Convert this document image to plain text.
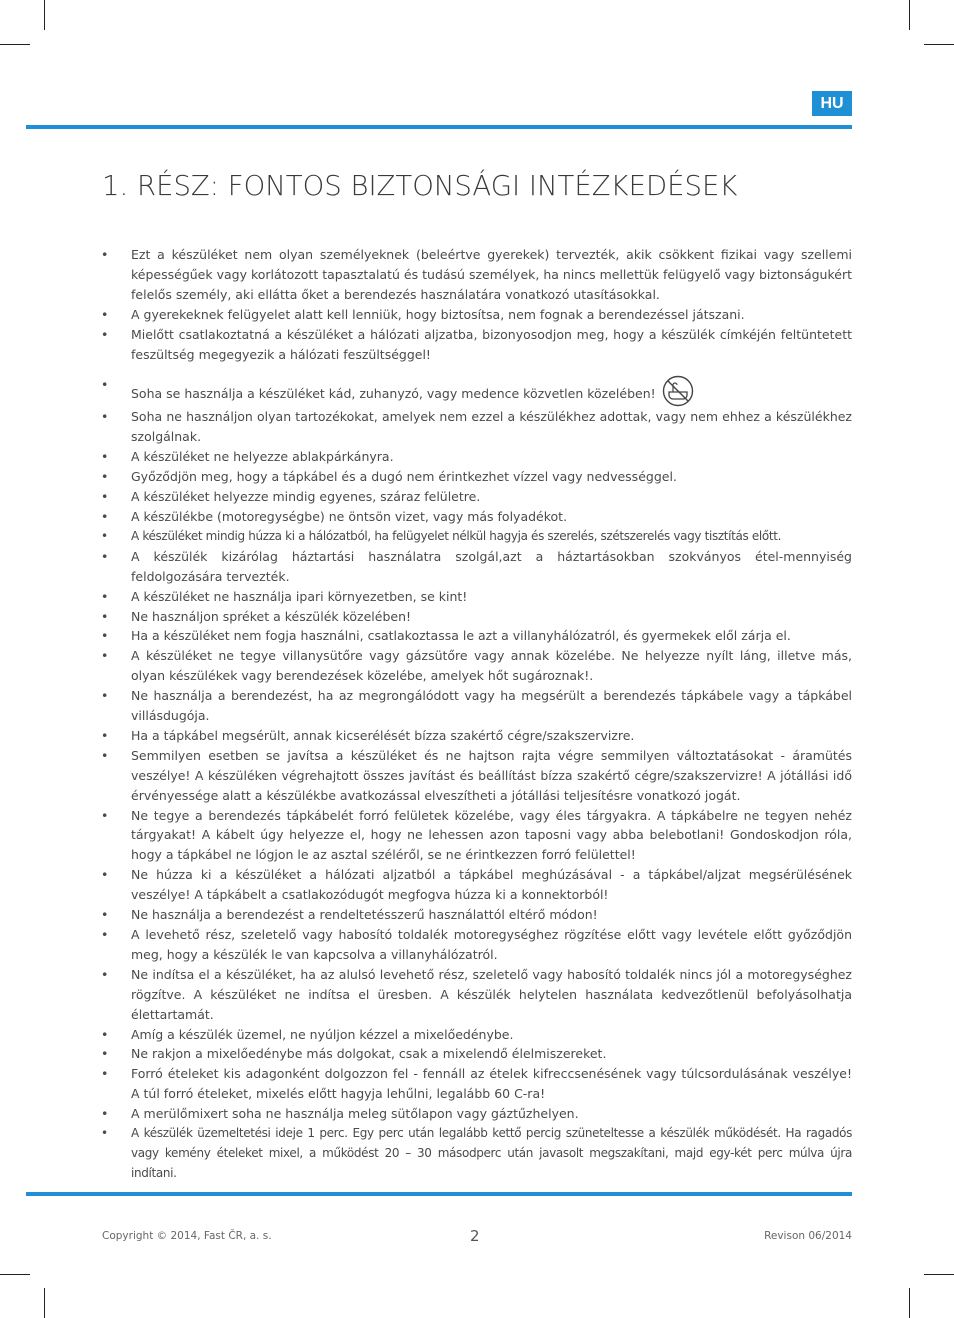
HU
1. RÉSZ: FONTOS BIZTONSÁGI INTÉZKEDÉSEK
• Ezt a készüléket nem olyan személyeknek (beleértve gyerekek) tervezték, akik csökkent fizikai vagy szellemi képességűek vagy korlátozott tapasztalatú és tudású személyek, ha nincs mellettük felügyelő vagy biztonságukért felelős személy, aki ellátta őket a berendezés használatára vonatkozó utasításokkal.
• A gyerekeknek felügyelet alatt kell lenniük, hogy biztosítsa, nem fognak a berendezéssel játszani.
• Mielőtt csatlakoztatná a készüléket a hálózati aljzatba, bizonyosodjon meg, hogy a készülék címkéjén feltüntetett feszültség megegyezik a hálózati feszültséggel!
•
Soha se használja a készüléket kád, zuhanyzó, vagy medence közvetlen közelében!
• Soha ne használjon olyan tartozékokat, amelyek nem ezzel a készülékhez adottak, vagy nem ehhez a készülékhez szolgálnak.
• A készüléket ne helyezze ablakpárkányra.
• Győződjön meg, hogy a tápkábel és a dugó nem érintkezhet vízzel vagy nedvességgel.
• A készüléket helyezze mindig egyenes, száraz felületre.
• A készülékbe (motoregységbe) ne öntsön vizet, vagy más folyadékot.
• A készüléket mindig húzza ki a hálózatból, ha felügyelet nélkül hagyja és szerelés, szétszerelés vagy tisztítás előtt.
• A készülék kizárólag háztartási használatra szolgál,azt a háztartásokban szokványos étel-mennyiség feldolgozására tervezték.
• A készüléket ne használja ipari környezetben, se kint!
• Ne használjon spréket a készülék közelében!
• Ha a készüléket nem fogja használni, csatlakoztassa le azt a villanyhálózatról, és gyermekek elől zárja el.
• A készüléket ne tegye villanysütőre vagy gázsütőre vagy annak közelébe. Ne helyezze nyílt láng, illetve más, olyan készülékek vagy berendezések közelébe, amelyek hőt sugároznak!.
• Ne használja a berendezést, ha az megrongálódott vagy ha megsérült a berendezés tápkábele vagy a tápkábel villásdugója.
• Ha a tápkábel megsérült, annak kicserélését bízza szakértő cégre/szakszervizre.
• Semmilyen esetben se javítsa a készüléket és ne hajtson rajta végre semmilyen változtatásokat - áramütés veszélye! A készüléken végrehajtott összes javítást és beállítást bízza szakértő cégre/szakszervizre! A jótállási idő érvényessége alatt a készülékbe avatkozással elveszítheti a jótállási teljesítésre vonatkozó jogát.
• Ne tegye a berendezés tápkábelét forró felületek közelébe, vagy éles tárgyakra. A tápkábelre ne tegyen nehéz tárgyakat! A kábelt úgy helyezze el, hogy ne lehessen azon taposni vagy abba belebotlani! Gondoskodjon róla, hogy a tápkábel ne lógjon le az asztal széléről, se ne érintkezzen forró felülettel!
• Ne húzza ki a készüléket a hálózati aljzatból a tápkábel meghúzásával - a tápkábel/aljzat megsérülésének veszélye! A tápkábelt a csatlakozódugót megfogva húzza ki a konnektorból!
• Ne használja a berendezést a rendeltetésszerű használattól eltérő módon!
• A levehető rész, szeletelő vagy habosító toldalék motoregységhez rögzítése előtt vagy levétele előtt győződjön meg, hogy a készülék le van kapcsolva a villanyhálózatról.
• Ne indítsa el a készüléket, ha az alulsó levehető rész, szeletelő vagy habosító toldalék nincs jól a motoregységhez rögzítve. A készüléket ne indítsa el üresben. A készülék helytelen használata kedvezőtlenül befolyásolhatja élettartamát.
• Amíg a készülék üzemel, ne nyúljon kézzel a mixelőedénybe.
• Ne rakjon a mixelőedénybe más dolgokat, csak a mixelendő élelmiszereket.
• Forró ételeket kis adagonként dolgozzon fel - fennáll az ételek kifreccsenésének vagy túlcsordulásának veszélye! A túl forró ételeket, mixelés előtt hagyja lehűlni, legalább 60 C-ra!
• A merülőmixert soha ne használja meleg sütőlapon vagy gáztűzhelyen.
• A készülék üzemeltetési ideje 1 perc. Egy perc után legalább kettő percig szüneteltesse a készülék működését. Ha ragadós vagy kemény ételeket mixel, a működést 20 – 30 másodperc után javasolt megszakítani, majd egy-két perc múlva újra indítani.
Copyright © 2014, Fast ČR, a. s.	2	Revison 06/2014
